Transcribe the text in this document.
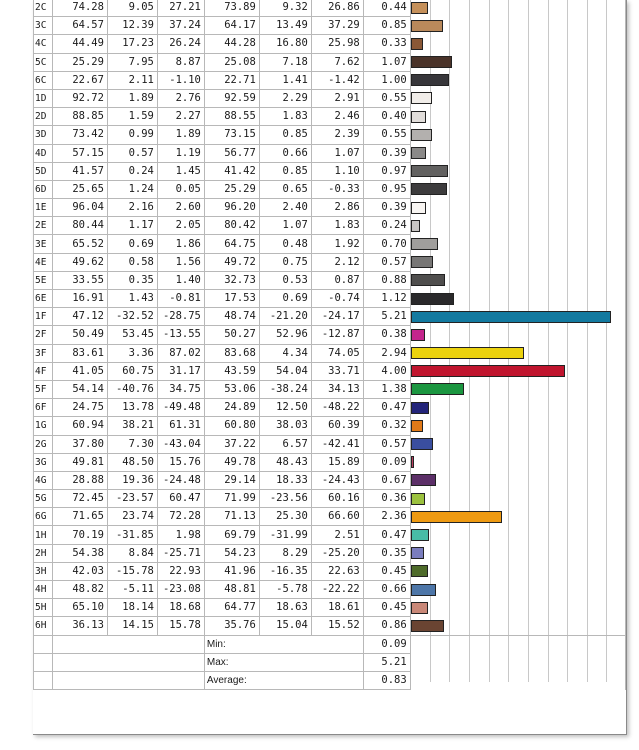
2C	74.28	9.05	27.21	73.89	9.32	26.86	0.44	

3C	64.57	12.39	37.24	64.17	13.49	37.29	0.85	

4C	44.49	17.23	26.24	44.28	16.80	25.98	0.33	

5C	25.29	7.95	8.87	25.08	7.18	7.62	1.07	

6C	22.67	2.11	-1.10	22.71	1.41	-1.42	1.00	

1D	92.72	1.89	2.76	92.59	2.29	2.91	0.55	

2D	88.85	1.59	2.27	88.55	1.83	2.46	0.40	

3D	73.42	0.99	1.89	73.15	0.85	2.39	0.55	

4D	57.15	0.57	1.19	56.77	0.66	1.07	0.39	

5D	41.57	0.24	1.45	41.42	0.85	1.10	0.97	

6D	25.65	1.24	0.05	25.29	0.65	-0.33	0.95	

1E	96.04	2.16	2.60	96.20	2.40	2.86	0.39	

2E	80.44	1.17	2.05	80.42	1.07	1.83	0.24	

3E	65.52	0.69	1.86	64.75	0.48	1.92	0.70	

4E	49.62	0.58	1.56	49.72	0.75	2.12	0.57	

5E	33.55	0.35	1.40	32.73	0.53	0.87	0.88	

6E	16.91	1.43	-0.81	17.53	0.69	-0.74	1.12	

1F	47.12	-32.52	-28.75	48.74	-21.20	-24.17	5.21	

2F	50.49	53.45	-13.55	50.27	52.96	-12.87	0.38	

3F	83.61	3.36	87.02	83.68	4.34	74.05	2.94	

4F	41.05	60.75	31.17	43.59	54.04	33.71	4.00	

5F	54.14	-40.76	34.75	53.06	-38.24	34.13	1.38	

6F	24.75	13.78	-49.48	24.89	12.50	-48.22	0.47	

1G	60.94	38.21	61.31	60.80	38.03	60.39	0.32	

2G	37.80	7.30	-43.04	37.22	6.57	-42.41	0.57	

3G	49.81	48.50	15.76	49.78	48.43	15.89	0.09	

4G	28.88	19.36	-24.48	29.14	18.33	-24.43	0.67	

5G	72.45	-23.57	60.47	71.99	-23.56	60.16	0.36	

6G	71.65	23.74	72.28	71.13	25.30	66.60	2.36	

1H	70.19	-31.85	1.98	69.79	-31.99	2.51	0.47	

2H	54.38	8.84	-25.71	54.23	8.29	-25.20	0.35	

3H	42.03	-15.78	22.93	41.96	-16.35	22.63	0.45	

4H	48.82	-5.11	-23.08	48.81	-5.78	-22.22	0.66	

5H	65.10	18.14	18.68	64.77	18.63	18.61	0.45	

6H	36.13	14.15	15.78	35.76	15.04	15.52	0.86	

				Min:			0.09	
				Max:			5.21	
				Average:			0.83	
